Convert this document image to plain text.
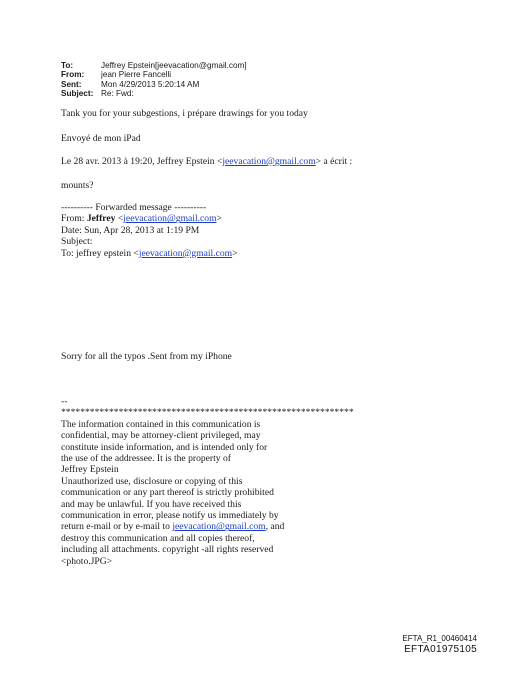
To:	Jeffrey Epstein[jeevacation@gmail.com]
From:	jean Pierre Fancelli
Sent:	Mon 4/29/2013 5:20:14 AM
Subject: Re: Fwd:
Tank you for your subgestions, i prépare drawings for you today
Envoyé de mon iPad
Le 28 avr. 2013 à 19:20, Jeffrey Epstein <jeevacation@gmail.com> a écrit :
mounts?
---------- Forwarded message ----------
From: Jeffrey <jeevacation@gmail.com>
Date: Sun, Apr 28, 2013 at 1:19 PM
Subject:
To: jeffrey epstein <jeevacation@gmail.com>
Sorry for all the typos .Sent from my iPhone
--
*************************************************************
The information contained in this communication is
confidential, may be attorney-client privileged, may
constitute inside information, and is intended only for
the use of the addressee. It is the property of
Jeffrey Epstein
Unauthorized use, disclosure or copying of this
communication or any part thereof is strictly prohibited
and may be unlawful. If you have received this
communication in error, please notify us immediately by
return e-mail or by e-mail to jeevacation@gmail.com, and
destroy this communication and all copies thereof,
including all attachments. copyright -all rights reserved
<photo.JPG>
EFTA_R1_00460414
EFTA01975105
